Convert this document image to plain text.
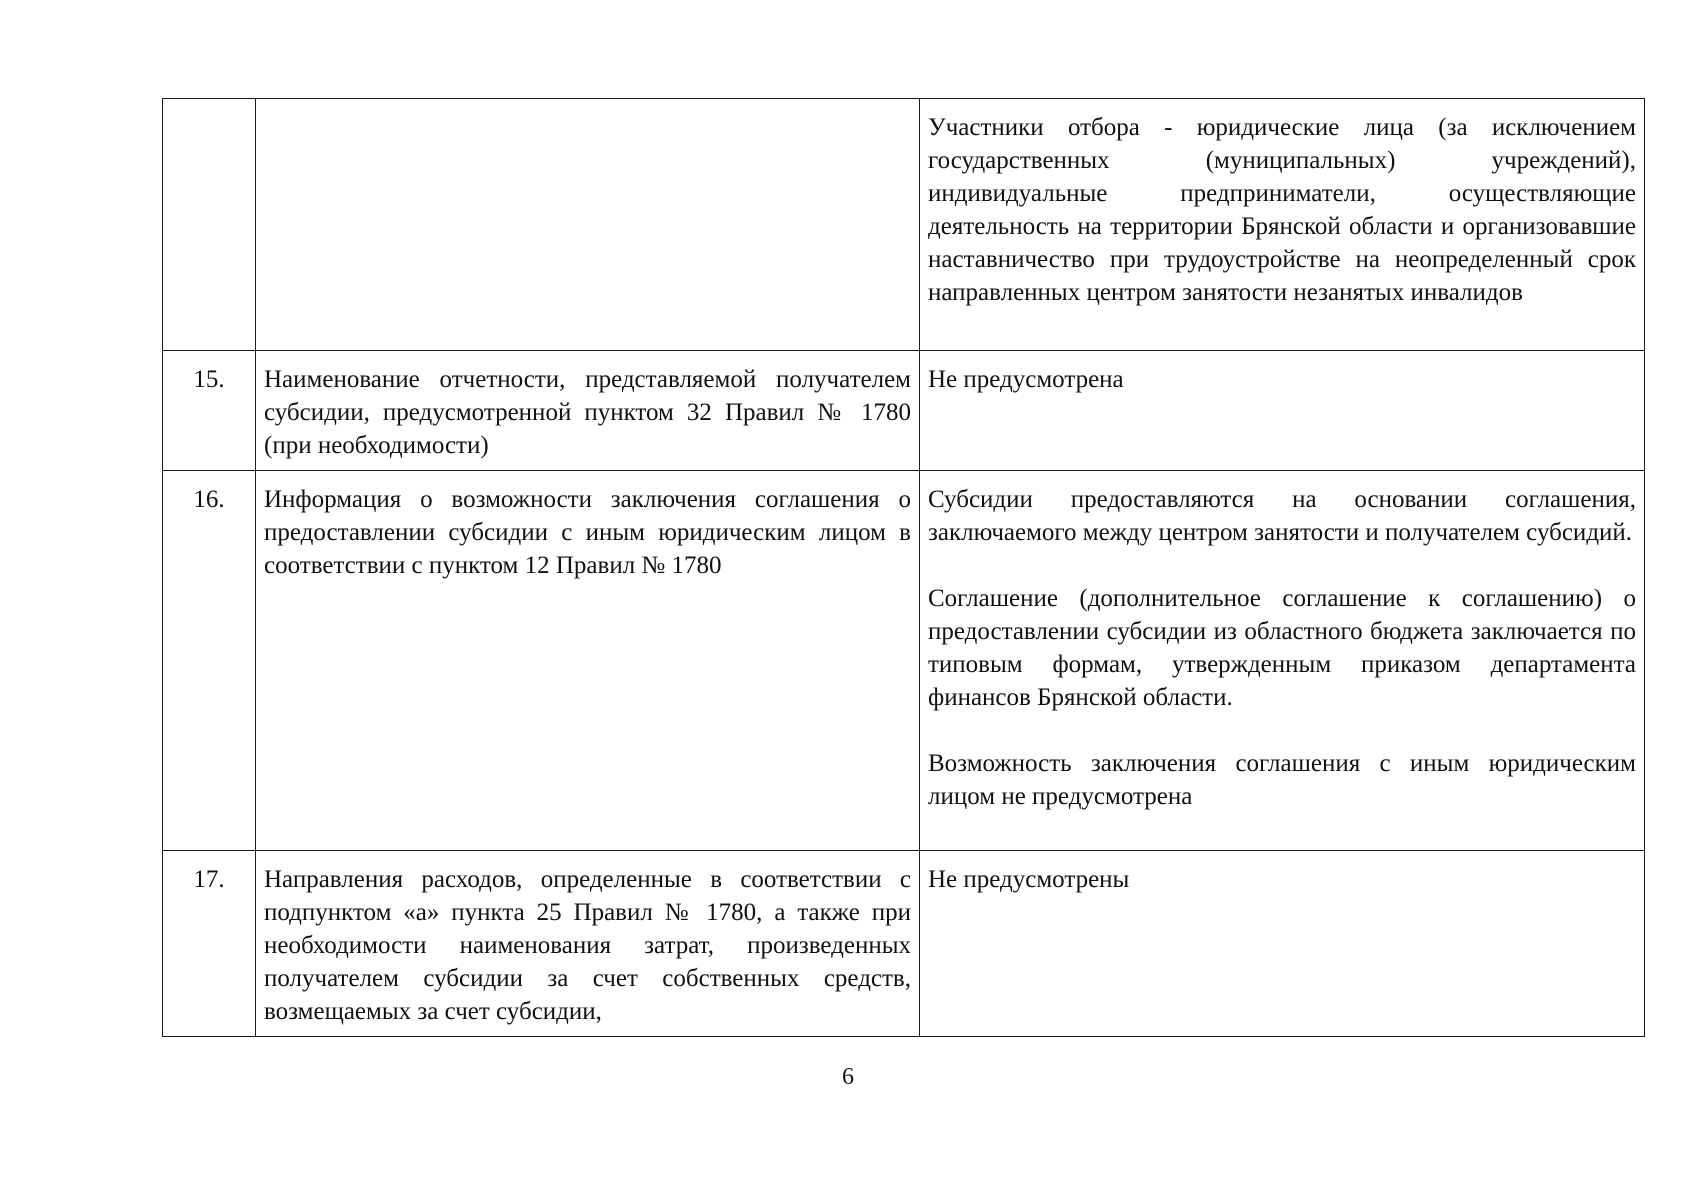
		Участники отбора - юридические лица (за исключением государственных (муниципальных) учреждений), индивидуальные предприниматели, осуществляющие деятельность на территории Брянской области и организовавшие наставничество при трудоустройстве на неопределенный срок направленных центром занятости незанятых инвалидов

15.	Наименование отчетности, представляемой получателем субсидии, предусмотренной пунктом 32 Правил № 1780 (при необходимости)	Не предусмотрена

16.	Информация о возможности заключения соглашения о предоставлении субсидии с иным юридическим лицом в соответствии с пунктом 12 Правил № 1780	Субсидии предоставляются на основании соглашения, заключаемого между центром занятости и получателем субсидий.

Соглашение (дополнительное соглашение к соглашению) о предоставлении субсидии из областного бюджета заключается по типовым формам, утвержденным приказом департамента финансов Брянской области.

Возможность заключения соглашения с иным юридическим лицом не предусмотрена

17.	Направления расходов, определенные в соответствии с подпунктом «а» пункта 25 Правил № 1780, а также при необходимости наименования затрат, произведенных получателем субсидии за счет собственных средств, возмещаемых за счет субсидии,	Не предусмотрены

6
